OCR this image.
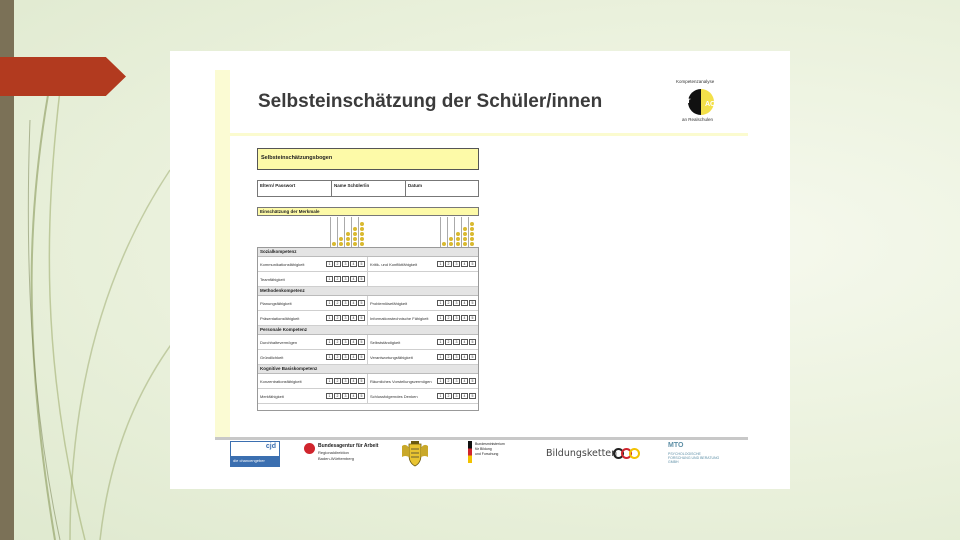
Selbsteinschätzung der Schüler/innen
Kompetenzanalyse
Pr AC
an Realschulen
Selbsteinschätzungsbogen
Eltern/ Passwort	Name Schüler/in	Datum
Einschätzung der Merkmale
Sozialkompetenz
Kommunikationsfähigkeit	1	2	3	4	5	Kritik- und Konfliktfähigkeit	1	2	3	4	5
Teamfähigkeit	1	2	3	4	5
Methodenkompetenz
Planungsfähigkeit	1	2	3	4	5	Problemlösefähigkeit	1	2	3	4	5
Präsentationsfähigkeit	1	2	3	4	5	Informationstechnische Fähigkeit	1	2	3	4	5
Personale Kompetenz
Durchhaltevermögen	1	2	3	4	5	Selbstständigkeit	1	2	3	4	5
Gründlichkeit	1	2	3	4	5	Verantwortungsfähigkeit	1	2	3	4	5
Kognitive Basiskompetenz
Konzentrationsfähigkeit	1	2	3	4	5	Räumliches Vorstellungsvermögen	1	2	3	4	5
Merkfähigkeit	1	2	3	4	5	Schlussfolgerndes Denken	1	2	3	4	5
cjd
die chancengeber
Bundesagentur für Arbeit
Regionaldirektion
Baden-Württemberg
Bundesministerium
für Bildung
und Forschung	Bildungsketten
MTO
PSYCHOLOGISCHE
FORSCHUNG UND BERATUNG
GMBH
